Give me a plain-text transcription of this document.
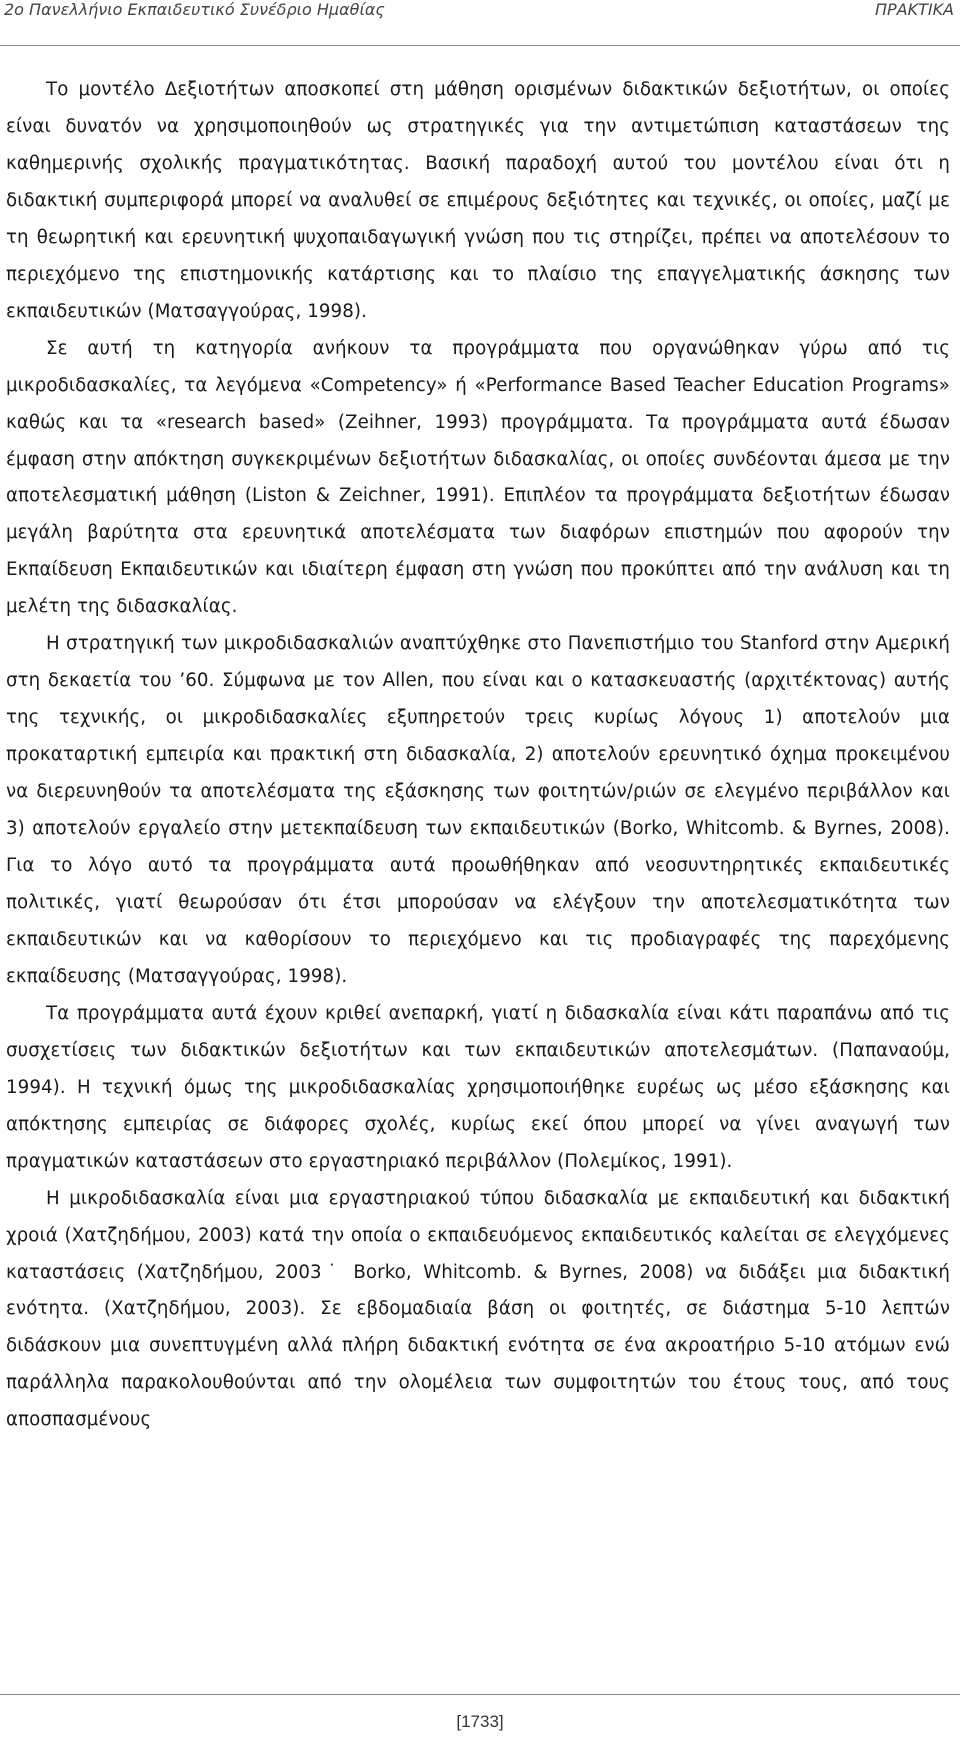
2ο Πανελλήνιο Εκπαιδευτικό Συνέδριο Ημαθίας	ΠΡΑΚΤΙΚΑ

Το μοντέλο Δεξιοτήτων αποσκοπεί στη μάθηση ορισμένων διδακτικών δεξιοτήτων, οι οποίες είναι δυνατόν να χρησιμοποιηθούν ως στρατηγικές για την αντιμετώπιση καταστάσεων της καθημερινής σχολικής πραγματικότητας. Βασική παραδοχή αυτού του μοντέλου είναι ότι η διδακτική συμπεριφορά μπορεί να αναλυθεί σε επιμέρους δεξιότητες και τεχνικές, οι οποίες, μαζί με τη θεωρητική και ερευνητική ψυχοπαιδαγωγική γνώση που τις στηρίζει, πρέπει να αποτελέσουν το περιεχόμενο της επιστημονικής κατάρτισης και το πλαίσιο της επαγγελματικής άσκησης των εκπαιδευτικών (Ματσαγγούρας, 1998).

Σε αυτή τη κατηγορία ανήκουν τα προγράμματα που οργανώθηκαν γύρω από τις μικροδιδασκαλίες, τα λεγόμενα «Competency» ή «Performance Based Teacher Education Programs» καθώς και τα «research based» (Zeihner, 1993) προγράμματα. Τα προγράμματα αυτά έδωσαν έμφαση στην απόκτηση συγκεκριμένων δεξιοτήτων διδασκαλίας, οι οποίες συνδέονται άμεσα με την αποτελεσματική μάθηση (Liston & Zeichner, 1991). Επιπλέον τα προγράμματα δεξιοτήτων έδωσαν μεγάλη βαρύτητα στα ερευνητικά αποτελέσματα των διαφόρων επιστημών που αφορούν την Εκπαίδευση Εκπαιδευτικών και ιδιαίτερη έμφαση στη γνώση που προκύπτει από την ανάλυση και τη μελέτη της διδασκαλίας.

Η στρατηγική των μικροδιδασκαλιών αναπτύχθηκε στο Πανεπιστήμιο του Stanford στην Αμερική στη δεκαετία του ’60. Σύμφωνα με τον Allen, που είναι και ο κατασκευαστής (αρχιτέκτονας) αυτής της τεχνικής, οι μικροδιδασκαλίες εξυπηρετούν τρεις κυρίως λόγους 1) αποτελούν μια προκαταρτική εμπειρία και πρακτική στη διδασκαλία, 2) αποτελούν ερευνητικό όχημα προκειμένου να διερευνηθούν τα αποτελέσματα της εξάσκησης των φοιτητών/ριών σε ελεγμένο περιβάλλον και 3) αποτελούν εργαλείο στην μετεκπαίδευση των εκπαιδευτικών (Borko, Whitcomb. & Byrnes, 2008). Για το λόγο αυτό τα προγράμματα αυτά προωθήθηκαν από νεοσυντηρητικές εκπαιδευτικές πολιτικές, γιατί θεωρούσαν ότι έτσι μπορούσαν να ελέγξουν την αποτελεσματικότητα των εκπαιδευτικών και να καθορίσουν το περιεχόμενο και τις προδιαγραφές της παρεχόμενης εκπαίδευσης (Ματσαγγούρας, 1998).

Τα προγράμματα αυτά έχουν κριθεί ανεπαρκή, γιατί η διδασκαλία είναι κάτι παραπάνω από τις συσχετίσεις των διδακτικών δεξιοτήτων και των εκπαιδευτικών αποτελεσμάτων. (Παπαναούμ, 1994). Η τεχνική όμως της μικροδιδασκαλίας χρησιμοποιήθηκε ευρέως ως μέσο εξάσκησης και απόκτησης εμπειρίας σε διάφορες σχολές, κυρίως εκεί όπου μπορεί να γίνει αναγωγή των πραγματικών καταστάσεων στο εργαστηριακό περιβάλλον (Πολεμίκος, 1991).

Η μικροδιδασκαλία είναι μια εργαστηριακού τύπου διδασκαλία με εκπαιδευτική και διδακτική χροιά (Χατζηδήμου, 2003) κατά την οποία ο εκπαιδευόμενος εκπαιδευτικός καλείται σε ελεγχόμενες καταστάσεις (Χατζηδήμου, 2003˙ Borko, Whitcomb. & Byrnes, 2008) να διδάξει μια διδακτική ενότητα. (Χατζηδήμου, 2003). Σε εβδομαδιαία βάση οι φοιτητές, σε διάστημα 5-10 λεπτών διδάσκουν μια συνεπτυγμένη αλλά πλήρη διδακτική ενότητα σε ένα ακροατήριο 5-10 ατόμων ενώ παράλληλα παρακολουθούνται από την ολομέλεια των συμφοιτητών του έτους τους, από τους αποσπασμένους

[1733]
